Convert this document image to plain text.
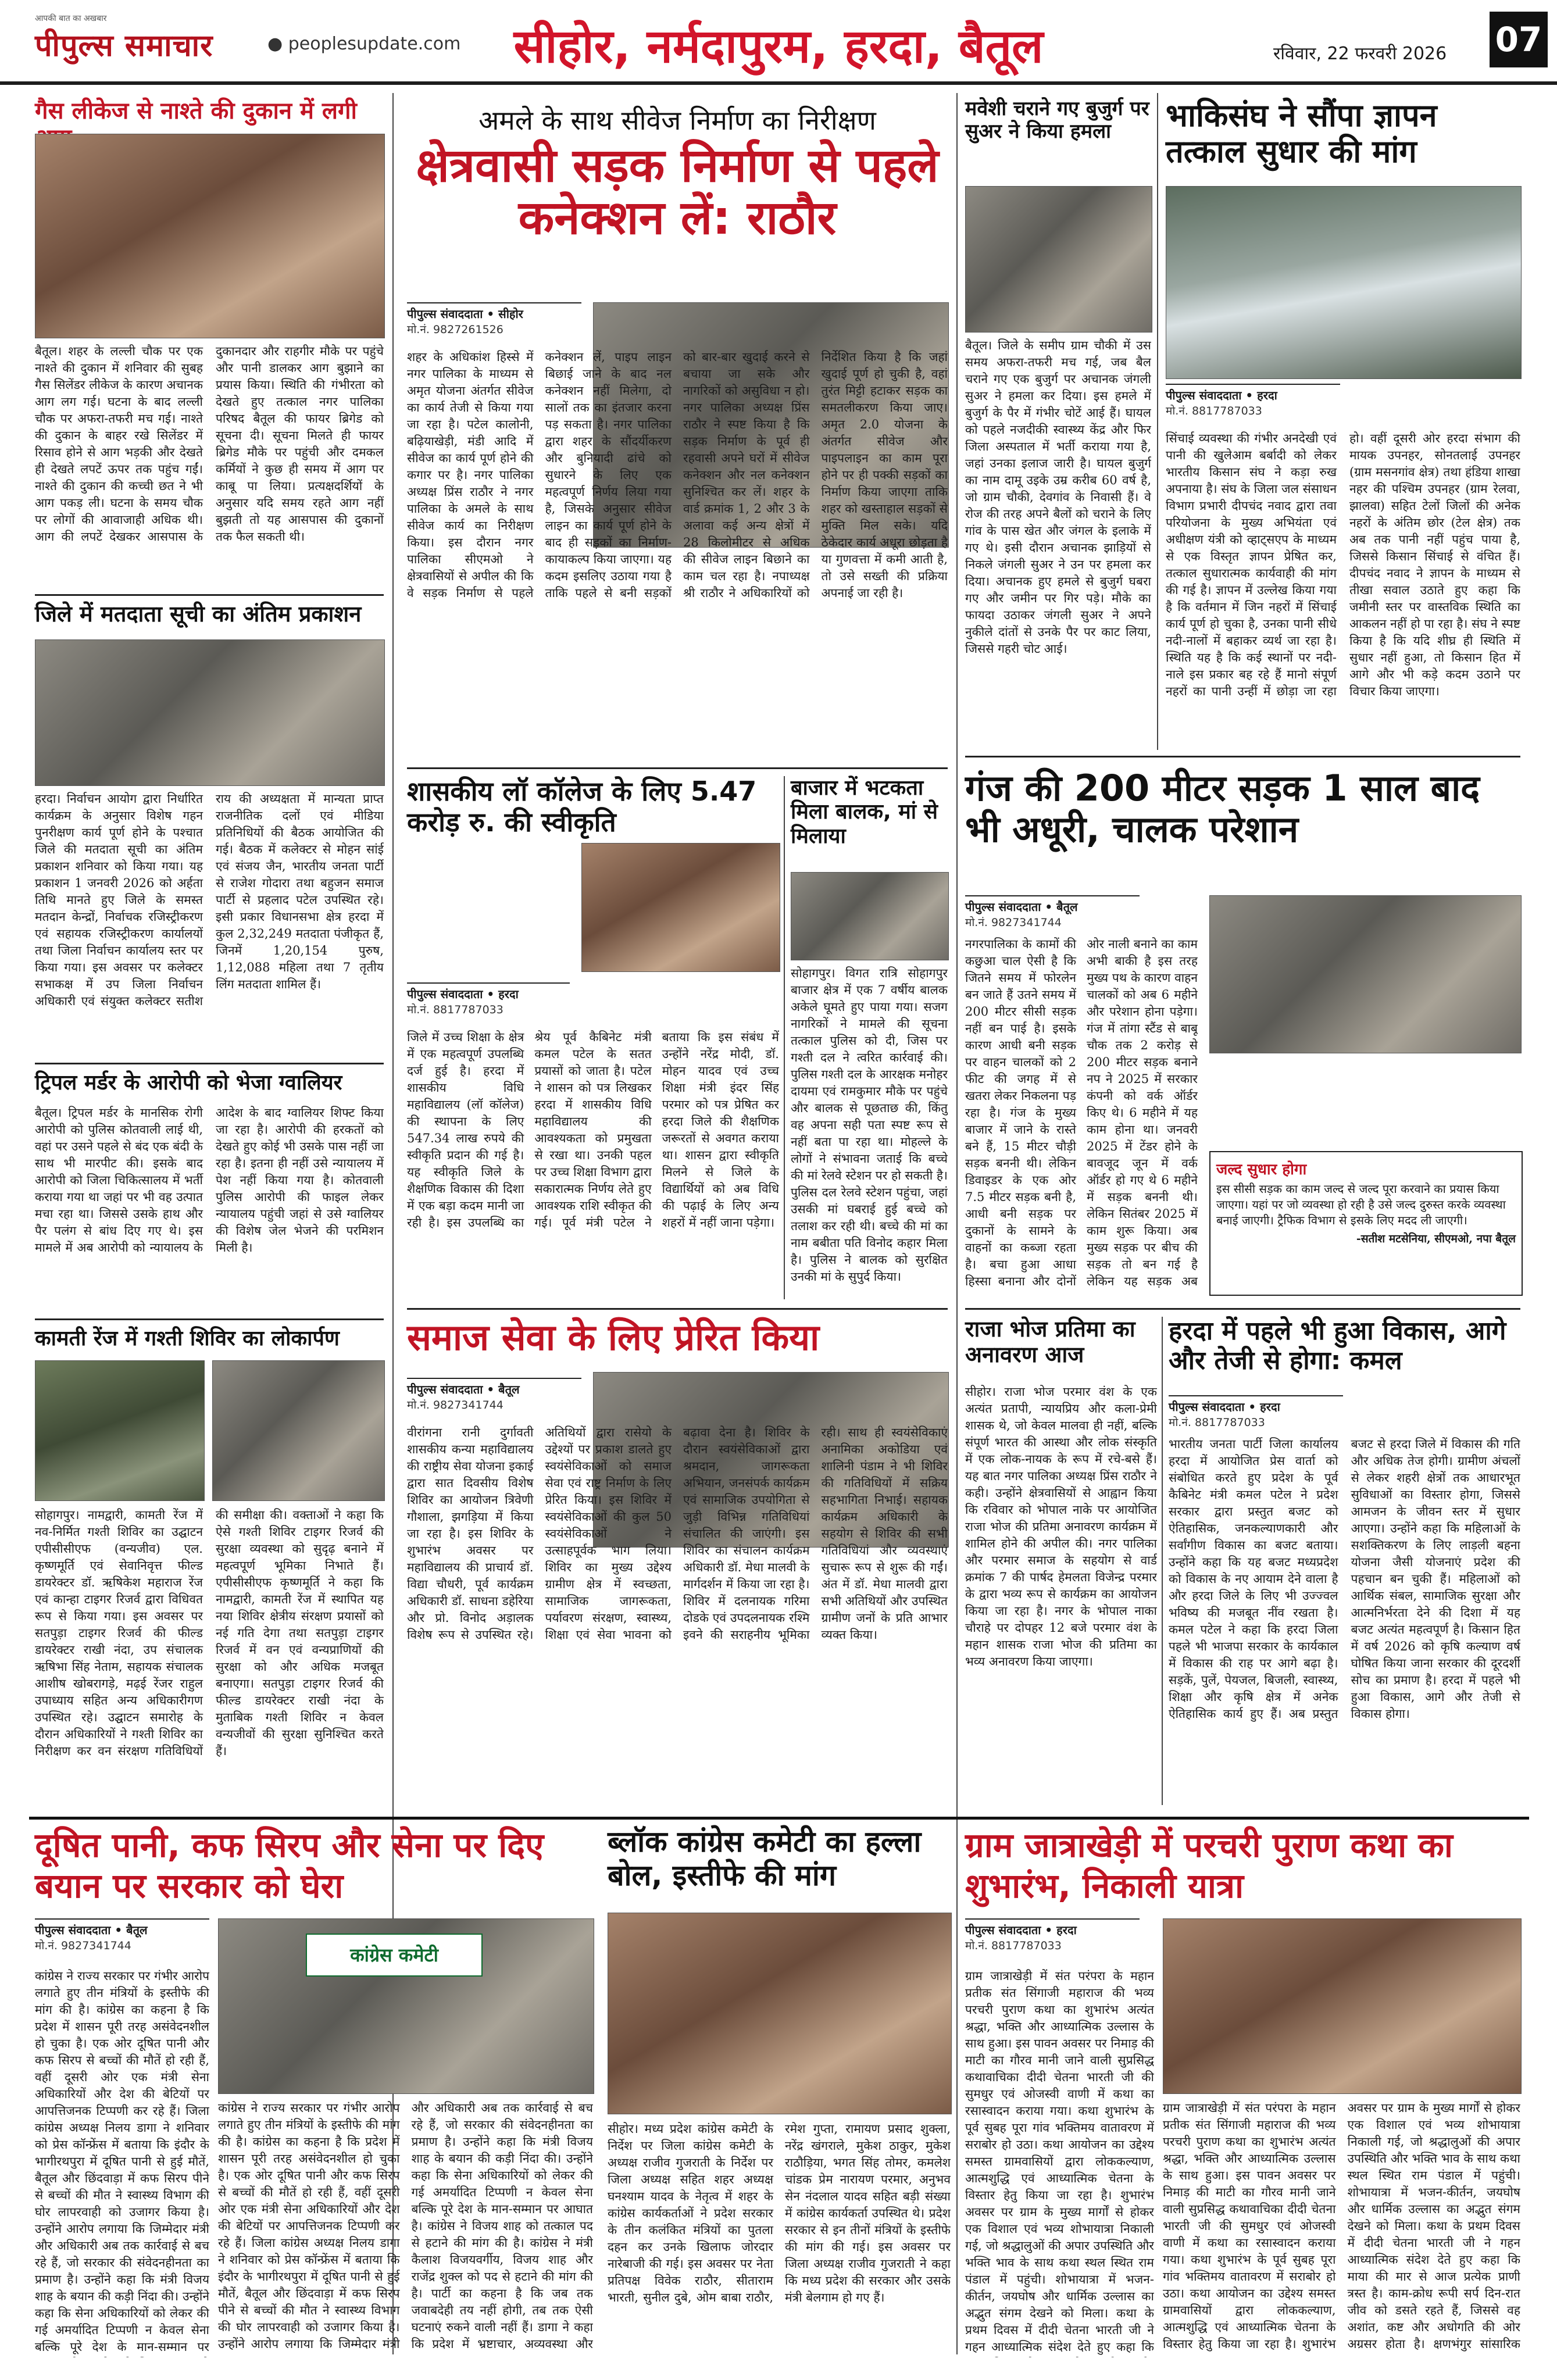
आपकी बात का अखबार
पीपुल्स समाचार	● peoplesupdate.com	सीहोर, नर्मदापुरम, हरदा, बैतूल	रविवार, 22 फरवरी 2026 07
गैस लीकेज से नाश्ते की दुकान में लगी
बैतूल। शहर के लल्ली चौक पर एक नाश्ते की दुकान में शनिवार की सुबह गैस सिलेंडर लीकेज के कारण अचानक आग लग गई। घटना के बाद लल्ली चौक पर अफरा-तफरी मच गई। नाश्ते की दुकान के बाहर रखे सिलेंडर में रिसाव होने से आग भड़की और देखते ही देखते लपटें ऊपर तक पहुंच गईं। नाश्ते की दुकान की कच्ची छत ने भी आग पकड़ ली। घटना के समय चौक पर लोगों की आवाजाही अधिक थी। आग की लपटें देखकर आसपास के दुकानदार और राहगीर मौके पर पहुंचे और पानी डालकर आग बुझाने का प्रयास किया। स्थिति की गंभीरता को देखते हुए तत्काल नगर पालिका परिषद बैतूल की फायर ब्रिगेड को सूचना दी। सूचना मिलते ही फायर ब्रिगेड मौके पर पहुंची और दमकल कर्मियों ने कुछ ही समय में आग पर काबू पा लिया। प्रत्यक्षदर्शियों के अनुसार यदि समय रहते आग नहीं बुझती तो यह आसपास की दुकानों तक फैल सकती थी।
जिले में मतदाता सूची का अंतिम प्रकाशन
हरदा। निर्वाचन आयोग द्वारा निर्धारित कार्यक्रम के अनुसार विशेष गहन पुनरीक्षण कार्य पूर्ण होने के पश्चात जिले की मतदाता सूची का अंतिम प्रकाशन शनिवार को किया गया। यह प्रकाशन 1 जनवरी 2026 को अर्हता तिथि मानते हुए जिले के समस्त मतदान केन्द्रों, निर्वाचक रजिस्ट्रीकरण एवं सहायक रजिस्ट्रीकरण कार्यालयों तथा जिला निर्वाचन कार्यालय स्तर पर किया गया। इस अवसर पर कलेक्टर सभाकक्ष में उप जिला निर्वाचन अधिकारी एवं संयुक्त कलेक्टर सतीश राय की अध्यक्षता में मान्यता प्राप्त राजनीतिक दलों एवं मीडिया प्रतिनिधियों की बैठक आयोजित की गई। बैठक में कलेक्टर से मोहन सांई एवं संजय जैन, भारतीय जनता पार्टी से राजेश गोदारा तथा बहुजन समाज पार्टी से प्रहलाद पटेल उपस्थित रहे। इसी प्रकार विधानसभा क्षेत्र हरदा में कुल 2,32,249 मतदाता पंजीकृत हैं, जिनमें 1,20,154 पुरुष, 1,12,088 महिला तथा 7 तृतीय लिंग मतदाता शामिल हैं।
ट्रिपल मर्डर के आरोपी को भेजा ग्वालियर
बैतूल। ट्रिपल मर्डर के मानसिक रोगी आरोपी को पुलिस कोतवाली लाई थी, वहां पर उसने पहले से बंद एक बंदी के साथ भी मारपीट की। इसके बाद आरोपी को जिला चिकित्सालय में भर्ती कराया गया था जहां पर भी वह उत्पात मचा रहा था। जिससे उसके हाथ और पैर पलंग से बांध दिए गए थे। इस मामले में अब आरोपी को न्यायालय के आदेश के बाद ग्वालियर शिफ्ट किया जा रहा है। आरोपी की हरकतों को देखते हुए कोई भी उसके पास नहीं जा रहा है। इतना ही नहीं उसे न्यायालय में पेश नहीं किया गया है। कोतवाली पुलिस आरोपी की फाइल लेकर न्यायालय पहुंची जहां से उसे ग्वालियर की विशेष जेल भेजने की परमिशन मिली है।
कामती रेंज में गश्ती शिविर का लोकार्पण
सोहागपुर। नामद्वारी, कामती रेंज में नव-निर्मित गश्ती शिविर का उद्घाटन एपीसीसीएफ (वन्यजीव) एल. कृष्णमूर्ति एवं सेवानिवृत्त फील्ड डायरेक्टर डॉ. ऋषिकेश महाराज रेंज एवं कान्हा टाइगर रिजर्व द्वारा विधिवत रूप से किया गया। इस अवसर पर सतपुड़ा टाइगर रिजर्व की फील्ड डायरेक्टर राखी नंदा, उप संचालक ऋषिभा सिंह नेताम, सहायक संचालक आशीष खोबरागड़े, मढ़ई रेंजर राहुल उपाध्याय सहित अन्य अधिकारीगण उपस्थित रहे। उद्घाटन समारोह के दौरान अधिकारियों ने गश्ती शिविर का निरीक्षण कर वन संरक्षण गतिविधियों की समीक्षा की। वक्ताओं ने कहा कि ऐसे गश्ती शिविर टाइगर रिजर्व की सुरक्षा व्यवस्था को सुदृढ़ बनाने में महत्वपूर्ण भूमिका निभाते हैं। एपीसीसीएफ कृष्णमूर्ति ने कहा कि नामद्वारी, कामती रेंज में स्थापित यह नया शिविर क्षेत्रीय संरक्षण प्रयासों को नई गति देगा तथा सतपुड़ा टाइगर रिजर्व में वन एवं वन्यप्राणियों की सुरक्षा को और अधिक मजबूत बनाएगा। सतपुड़ा टाइगर रिजर्व की फील्ड डायरेक्टर राखी नंदा के मुताबिक गश्ती शिविर न केवल वन्यजीवों की सुरक्षा सुनिश्चित करते हैं।
अमले के साथ सीवेज निर्माण का निरीक्षण
क्षेत्रवासी सड़क निर्माण से पहले कनेक्शन लें: राठौर
पीपुल्स संवाददाता • सीहोर
मो.नं. 9827261526
शहर के अधिकांश हिस्से में नगर पालिका के माध्यम से अमृत योजना अंतर्गत सीवेज का कार्य तेजी से किया गया जा रहा है। पटेल कालोनी, बढ़ियाखेड़ी, मंडी आदि में सीवेज का कार्य पूर्ण होने की कगार पर है। नगर पालिका अध्यक्ष प्रिंस राठौर ने नगर पालिका के अमले के साथ सीवेज कार्य का निरीक्षण किया। इस दौरान नगर पालिका सीएमओ ने क्षेत्रवासियों से अपील की कि वे सड़क निर्माण से पहले कनेक्शन लें, पाइप लाइन बिछाई जाने के बाद नल कनेक्शन नहीं मिलेगा, दो सालों तक का इंतजार करना पड़ सकता है। नगर पालिका द्वारा शहर के सौंदर्यीकरण और बुनियादी ढांचे को सुधारने के लिए एक महत्वपूर्ण निर्णय लिया गया है, जिसके अनुसार सीवेज लाइन का कार्य पूर्ण होने के बाद ही सड़कों का निर्माण-कायाकल्प किया जाएगा। यह कदम इसलिए उठाया गया है ताकि पहले से बनी सड़कों को बार-बार खुदाई करने से बचाया जा सके और नागरिकों को असुविधा न हो। नगर पालिका अध्यक्ष प्रिंस राठौर ने स्पष्ट किया है कि सड़क निर्माण के पूर्व ही रहवासी अपने घरों में सीवेज कनेक्शन और नल कनेक्शन सुनिश्चित कर लें। शहर के वार्ड क्रमांक 1, 2 और 3 के अलावा कई अन्य क्षेत्रों में 28 किलोमीटर से अधिक की सीवेज लाइन बिछाने का काम चल रहा है। नपाध्यक्ष श्री राठौर ने अधिकारियों को निर्देशित किया है कि जहां खुदाई पूर्ण हो चुकी है, वहां तुरंत मिट्टी हटाकर सड़क का समतलीकरण किया जाए। अमृत 2.0 योजना के अंतर्गत सीवेज और पाइपलाइन का काम पूरा होने पर ही पक्की सड़कों का निर्माण किया जाएगा ताकि शहर को खस्ताहाल सड़कों से मुक्ति मिल सके। यदि ठेकेदार कार्य अधूरा छोड़ता है या गुणवत्ता में कमी आती है, तो उसे सख्ती की प्रक्रिया अपनाई जा रही है।
शासकीय लॉ कॉलेज के लिए 5.47 करोड़ रु. की स्वीकृति
पीपुल्स संवाददाता • हरदा
मो.नं. 8817787033
जिले में उच्च शिक्षा के क्षेत्र में एक महत्वपूर्ण उपलब्धि दर्ज हुई है। हरदा में शासकीय विधि महाविद्यालय (लॉ कॉलेज) की स्थापना के लिए 547.34 लाख रुपये की स्वीकृति प्रदान की गई है। यह स्वीकृति जिले के शैक्षणिक विकास की दिशा में एक बड़ा कदम मानी जा रही है। इस उपलब्धि का श्रेय पूर्व कैबिनेट मंत्री कमल पटेल के सतत प्रयासों को जाता है। पटेल ने शासन को पत्र लिखकर हरदा में शासकीय विधि महाविद्यालय की आवश्यकता को प्रमुखता से रखा था। उनकी पहल पर उच्च शिक्षा विभाग द्वारा सकारात्मक निर्णय लेते हुए आवश्यक राशि स्वीकृत की गई। पूर्व मंत्री पटेल ने बताया कि इस संबंध में उन्होंने नरेंद्र मोदी, डॉ. मोहन यादव एवं उच्च शिक्षा मंत्री इंदर सिंह परमार को पत्र प्रेषित कर हरदा जिले की शैक्षणिक जरूरतों से अवगत कराया था। शासन द्वारा स्वीकृति मिलने से जिले के विद्यार्थियों को अब विधि की पढ़ाई के लिए अन्य शहरों में नहीं जाना पड़ेगा।
बाजार में भटकता मिला बालक, मां से मिलाया
सोहागपुर। विगत रात्रि सोहागपुर बाजार क्षेत्र में एक 7 वर्षीय बालक अकेले घूमते हुए पाया गया। सजग नागरिकों ने मामले की सूचना तत्काल पुलिस को दी, जिस पर गश्ती दल ने त्वरित कार्रवाई की। पुलिस गश्ती दल के आरक्षक मनोहर दायमा एवं रामकुमार मौके पर पहुंचे और बालक से पूछताछ की, किंतु वह अपना सही पता स्पष्ट रूप से नहीं बता पा रहा था। मोहल्ले के लोगों ने संभावना जताई कि बच्चे की मां रेलवे स्टेशन पर हो सकती है। पुलिस दल रेलवे स्टेशन पहुंचा, जहां उसकी मां घबराई हुई बच्चे को तलाश कर रही थी। बच्चे की मां का नाम बबीता पति विनोद कहार मिला है। पुलिस ने बालक को सुरक्षित उनकी मां के सुपुर्द किया।
समाज सेवा के लिए प्रेरित किया
पीपुल्स संवाददाता • बैतूल
मो.नं. 9827341744
वीरांगना रानी दुर्गावती शासकीय कन्या महाविद्यालय की राष्ट्रीय सेवा योजना इकाई द्वारा सात दिवसीय विशेष शिविर का आयोजन त्रिवेणी गौशाला, झगड़िया में किया जा रहा है। इस शिविर के शुभारंभ अवसर पर महाविद्यालय की प्राचार्य डॉ. विद्या चौधरी, पूर्व कार्यक्रम अधिकारी डॉ. साधना डहेरिया और प्रो. विनोद अड़ालक विशेष रूप से उपस्थित रहे। अतिथियों द्वारा रासेयो के उद्देश्यों पर प्रकाश डालते हुए स्वयंसेविकाओं को समाज सेवा एवं राष्ट्र निर्माण के लिए प्रेरित किया। इस शिविर में स्वयंसेविकाओं की कुल 50 स्वयंसेविकाओं ने उत्साहपूर्वक भाग लिया। शिविर का मुख्य उद्देश्य ग्रामीण क्षेत्र में स्वच्छता, सामाजिक जागरूकता, पर्यावरण संरक्षण, स्वास्थ्य, शिक्षा एवं सेवा भावना को बढ़ावा देना है। शिविर के दौरान स्वयंसेविकाओं द्वारा श्रमदान, जागरूकता अभियान, जनसंपर्क कार्यक्रम एवं सामाजिक उपयोगिता से जुड़ी विभिन्न गतिविधियां संचालित की जाएंगी। इस शिविर का संचालन कार्यक्रम अधिकारी डॉ. मेधा मालवी के मार्गदर्शन में किया जा रहा है। शिविर में दलनायक गरिमा दोडके एवं उपदलनायक रश्मि इवने की सराहनीय भूमिका रही। साथ ही स्वयंसेविकाएं अनामिका अकोडिया एवं शालिनी पंडाम ने भी शिविर की गतिविधियों में सक्रिय सहभागिता निभाई। सहायक कार्यक्रम अधिकारी के सहयोग से शिविर की सभी गतिविधियां और व्यवस्थाएं सुचारू रूप से शुरू की गईं। अंत में डॉ. मेधा मालवी द्वारा सभी अतिथियों और उपस्थित ग्रामीण जनों के प्रति आभार व्यक्त किया।
मवेशी चराने गए बुजुर्ग पर सुअर ने किया हमला
बैतूल। जिले के समीप ग्राम चौकी में उस समय अफरा-तफरी मच गई, जब बैल चराने गए एक बुजुर्ग पर अचानक जंगली सुअर ने हमला कर दिया। इस हमले में बुजुर्ग के पैर में गंभीर चोटें आई हैं। घायल को पहले नजदीकी स्वास्थ्य केंद्र और फिर जिला अस्पताल में भर्ती कराया गया है, जहां उनका इलाज जारी है। घायल बुजुर्ग का नाम दामू उइके उम्र करीब 60 वर्ष है, जो ग्राम चौकी, देवगांव के निवासी हैं। वे रोज की तरह अपने बैलों को चराने के लिए गांव के पास खेत और जंगल के इलाके में गए थे। इसी दौरान अचानक झाड़ियों से निकले जंगली सुअर ने उन पर हमला कर दिया। अचानक हुए हमले से बुजुर्ग घबरा गए और जमीन पर गिर पड़े। मौके का फायदा उठाकर जंगली सुअर ने अपने नुकीले दांतों से उनके पैर पर काट लिया, जिससे गहरी चोट आई।
भाकिसंघ ने सौंपा ज्ञापन तत्काल सुधार की मांग
पीपुल्स संवाददाता • हरदा
मो.नं. 8817787033
सिंचाई व्यवस्था की गंभीर अनदेखी एवं पानी की खुलेआम बर्बादी को लेकर भारतीय किसान संघ ने कड़ा रुख अपनाया है। संघ के जिला जल संसाधन विभाग प्रभारी दीपचंद नवाद द्वारा तवा परियोजना के मुख्य अभियंता एवं अधीक्षण यंत्री को व्हाट्सएप के माध्यम से एक विस्तृत ज्ञापन प्रेषित कर, तत्काल सुधारात्मक कार्यवाही की मांग की गई है। ज्ञापन में उल्लेख किया गया है कि वर्तमान में जिन नहरों में सिंचाई कार्य पूर्ण हो चुका है, उनका पानी सीधे नदी-नालों में बहाकर व्यर्थ जा रहा है। स्थिति यह है कि कई स्थानों पर नदी-नाले इस प्रकार बह रहे हैं मानो संपूर्ण नहरों का पानी उन्हीं में छोड़ा जा रहा हो। वहीं दूसरी ओर हरदा संभाग की मायक उपनहर, सोनतलाई उपनहर (ग्राम मसनगांव क्षेत्र) तथा हंडिया शाखा नहर की पश्चिम उपनहर (ग्राम रेलवा, झालवा) सहित टेलों जिलों की अनेक नहरों के अंतिम छोर (टेल क्षेत्र) तक अब तक पानी नहीं पहुंच पाया है, जिससे किसान सिंचाई से वंचित हैं। दीपचंद नवाद ने ज्ञापन के माध्यम से तीखा सवाल उठाते हुए कहा कि जमीनी स्तर पर वास्तविक स्थिति का आकलन नहीं हो पा रहा है। संघ ने स्पष्ट किया है कि यदि शीघ्र ही स्थिति में सुधार नहीं हुआ, तो किसान हित में आगे और भी कड़े कदम उठाने पर विचार किया जाएगा।
गंज की 200 मीटर सड़क 1 साल बाद भी अधूरी, चालक परेशान
पीपुल्स संवाददाता • बैतूल
मो.नं. 9827341744
नगरपालिका के कामों की कछुआ चाल ऐसी है कि जितने समय में फोरलेन बन जाते हैं उतने समय में 200 मीटर सीसी सड़क नहीं बन पाई है। इसके कारण आधी बनी सड़क पर वाहन चालकों को 2 फीट की जगह में से खतरा लेकर निकलना पड़ रहा है। गंज के मुख्य बाजार में जाने के रास्ते बने हैं, 15 मीटर चौड़ी सड़क बननी थी। लेकिन डिवाइडर के एक ओर 7.5 मीटर सड़क बनी है, आधी बनी सड़क पर दुकानों के सामने के वाहनों का कब्जा रहता है। बचा हुआ आधा हिस्सा बनाना और दोनों ओर नाली बनाने का काम अभी बाकी है इस तरह मुख्य पथ के कारण वाहन चालकों को अब 6 महीने और परेशान होना पड़ेगा। गंज में तांगा स्टैंड से बाबू चौक तक 2 करोड़ से 200 मीटर सड़क बनाने नप ने 2025 में सरकार कंपनी को वर्क ऑर्डर किए थे। 6 महीने में यह काम होना था। जनवरी 2025 में टेंडर होने के बावजूद जून में वर्क ऑर्डर हो गए थे 6 महीने में सड़क बननी थी। लेकिन सितंबर 2025 में काम शुरू किया। अब मुख्य सड़क पर बीच की सड़क तो बन गई है लेकिन यह सड़क अब
जल्द सुधार होगा
इस सीसी सड़क का काम जल्द से जल्द पूरा करवाने का प्रयास किया जाएगा। यहां पर जो व्यवस्था हो रही है उसे जल्द दुरुस्त करके व्यवस्था बनाई जाएगी। ट्रैफिक विभाग से इसके लिए मदद ली जाएगी।
-सतीश मटसेनिया, सीएमओ, नपा बैतूल
राजा भोज प्रतिमा का अनावरण आज
सीहोर। राजा भोज परमार वंश के एक अत्यंत प्रतापी, न्यायप्रिय और कला-प्रेमी शासक थे, जो केवल मालवा ही नहीं, बल्कि संपूर्ण भारत की आस्था और लोक संस्कृति में एक लोक-नायक के रूप में रचे-बसे हैं। यह बात नगर पालिका अध्यक्ष प्रिंस राठौर ने कही। उन्होंने क्षेत्रवासियों से आह्वान किया कि रविवार को भोपाल नाके पर आयोजित राजा भोज की प्रतिमा अनावरण कार्यक्रम में शामिल होने की अपील की। नगर पालिका और परमार समाज के सहयोग से वार्ड क्रमांक 7 की पार्षद हेमलता विजेन्द्र परमार के द्वारा भव्य रूप से कार्यक्रम का आयोजन किया जा रहा है। नगर के भोपाल नाका चौराहे पर दोपहर 12 बजे परमार वंश के महान शासक राजा भोज की प्रतिमा का भव्य अनावरण किया जाएगा।
हरदा में पहले भी हुआ विकास, आगे और तेजी से होगा: कमल
पीपुल्स संवाददाता • हरदा
मो.नं. 8817787033
भारतीय जनता पार्टी जिला कार्यालय हरदा में आयोजित प्रेस वार्ता को संबोधित करते हुए प्रदेश के पूर्व कैबिनेट मंत्री कमल पटेल ने प्रदेश सरकार द्वारा प्रस्तुत बजट को ऐतिहासिक, जनकल्याणकारी और सर्वांगीण विकास का बजट बताया। उन्होंने कहा कि यह बजट मध्यप्रदेश को विकास के नए आयाम देने वाला है और हरदा जिले के लिए भी उज्ज्वल भविष्य की मजबूत नींव रखता है। कमल पटेल ने कहा कि हरदा जिला पहले भी भाजपा सरकार के कार्यकाल में विकास की राह पर आगे बढ़ा है। सड़कें, पुलें, पेयजल, बिजली, स्वास्थ्य, शिक्षा और कृषि क्षेत्र में अनेक ऐतिहासिक कार्य हुए हैं। अब प्रस्तुत बजट से हरदा जिले में विकास की गति और अधिक तेज होगी। ग्रामीण अंचलों से लेकर शहरी क्षेत्रों तक आधारभूत सुविधाओं का विस्तार होगा, जिससे आमजन के जीवन स्तर में सुधार आएगा। उन्होंने कहा कि महिलाओं के सशक्तिकरण के लिए लाड़ली बहना योजना जैसी योजनाएं प्रदेश की पहचान बन चुकी हैं। महिलाओं को आर्थिक संबल, सामाजिक सुरक्षा और आत्मनिर्भरता देने की दिशा में यह बजट अत्यंत महत्वपूर्ण है। किसान हित में वर्ष 2026 को कृषि कल्याण वर्ष घोषित किया जाना सरकार की दूरदर्शी सोच का प्रमाण है। हरदा में पहले भी हुआ विकास, आगे और तेजी से विकास होगा।
दूषित पानी, कफ सिरप और सेना पर दिए बयान पर सरकार को घेरा
पीपुल्स संवाददाता • बैतूल
मो.नं. 9827341744	कांग्रेस कमेटी
कांग्रेस ने राज्य सरकार पर गंभीर आरोप लगाते हुए तीन मंत्रियों के इस्तीफे की मांग की है। कांग्रेस का कहना है कि प्रदेश में शासन पूरी तरह असंवेदनशील हो चुका है। एक ओर दूषित पानी और कफ सिरप से बच्चों की मौतें हो रही हैं, वहीं दूसरी ओर एक मंत्री सेना अधिकारियों और देश की बेटियों पर आपत्तिजनक टिप्पणी कर रहे हैं। जिला कांग्रेस अध्यक्ष निलय डागा ने शनिवार को प्रेस कॉन्फ्रेंस में बताया कि इंदौर के भागीरथपुरा में दूषित पानी से हुई मौतें, बैतूल और छिंदवाड़ा में कफ सिरप पीने से बच्चों की मौत ने स्वास्थ्य विभाग की घोर लापरवाही को उजागर किया है। उन्होंने आरोप लगाया कि जिम्मेदार मंत्री और अधिकारी अब तक कार्रवाई से बच रहे हैं, जो सरकार की संवेदनहीनता का प्रमाण है। उन्होंने कहा कि मंत्री विजय शाह के बयान की कड़ी निंदा की। उन्होंने कहा कि सेना अधिकारियों को लेकर की गई अमर्यादित टिप्पणी न केवल सेना बल्कि पूरे देश के मान-सम्मान पर
कांग्रेस ने राज्य सरकार पर गंभीर आरोप लगाते हुए तीन मंत्रियों के इस्तीफे की मांग की है। कांग्रेस का कहना है कि प्रदेश में शासन पूरी तरह असंवेदनशील हो चुका है। एक ओर दूषित पानी और कफ सिरप से बच्चों की मौतें हो रही हैं, वहीं दूसरी ओर एक मंत्री सेना अधिकारियों और देश की बेटियों पर आपत्तिजनक टिप्पणी कर रहे हैं। जिला कांग्रेस अध्यक्ष निलय डागा ने शनिवार को प्रेस कॉन्फ्रेंस में बताया कि इंदौर के भागीरथपुरा में दूषित पानी से हुई मौतें, बैतूल और छिंदवाड़ा में कफ सिरप पीने से बच्चों की मौत ने स्वास्थ्य विभाग की घोर लापरवाही को उजागर किया है। उन्होंने आरोप लगाया कि जिम्मेदार मंत्री और अधिकारी अब तक कार्रवाई से बच रहे हैं, जो सरकार की संवेदनहीनता का प्रमाण है। उन्होंने कहा कि मंत्री विजय शाह के बयान की कड़ी निंदा की। उन्होंने कहा कि सेना अधिकारियों को लेकर की गई अमर्यादित टिप्पणी न केवल सेना बल्कि पूरे देश के मान-सम्मान पर आघात है। कांग्रेस ने विजय शाह को तत्काल पद से हटाने की मांग की है। कांग्रेस ने मंत्री कैलाश विजयवर्गीय, विजय शाह और राजेंद्र शुक्ल को पद से हटाने की मांग की है। पार्टी का कहना है कि जब तक जवाबदेही तय नहीं होगी, तब तक ऐसी घटनाएं रुकने वाली नहीं हैं। डागा ने कहा कि प्रदेश में भ्रष्टाचार, अव्यवस्था और
ब्लॉक कांग्रेस कमेटी का हल्ला बोल, इस्तीफे की मांग
सीहोर। मध्य प्रदेश कांग्रेस कमेटी के निर्देश पर जिला कांग्रेस कमेटी के अध्यक्ष राजीव गुजराती के निर्देश पर जिला अध्यक्ष सहित शहर अध्यक्ष घनश्याम यादव के नेतृत्व में शहर के कांग्रेस कार्यकर्ताओं ने प्रदेश सरकार के तीन कलंकित मंत्रियों का पुतला दहन कर उनके खिलाफ जोरदार नारेबाजी की गई। इस अवसर पर नेता प्रतिपक्ष विवेक राठौर, सीताराम भारती, सुनील दुबे, ओम बाबा राठौर, रमेश गुप्ता, रामायण प्रसाद शुक्ला, नरेंद्र खंगराले, मुकेश ठाकुर, मुकेश राठौड़िया, भगत सिंह तोमर, कमलेश चांडक प्रेम नारायण परमार, अनुभव सेन नंदलाल यादव सहित बड़ी संख्या में कांग्रेस कार्यकर्ता उपस्थित थे। प्रदेश सरकार से इन तीनों मंत्रियों के इस्तीफे की मांग की गई। इस अवसर पर जिला अध्यक्ष राजीव गुजराती ने कहा कि मध्य प्रदेश की सरकार और उसके मंत्री बेलगाम हो गए हैं।
ग्राम जात्राखेड़ी में परचरी पुराण कथा का शुभारंभ, निकाली यात्रा
पीपुल्स संवाददाता • हरदा
मो.नं. 8817787033
ग्राम जात्राखेड़ी में संत परंपरा के महान प्रतीक संत सिंगाजी महाराज की भव्य परचरी पुराण कथा का शुभारंभ अत्यंत श्रद्धा, भक्ति और आध्यात्मिक उल्लास के साथ हुआ। इस पावन अवसर पर निमाड़ की माटी का गौरव मानी जाने वाली सुप्रसिद्ध कथावाचिका दीदी चेतना भारती जी की सुमधुर एवं ओजस्वी वाणी में कथा का रसास्वादन कराया गया। कथा शुभारंभ के पूर्व सुबह पूरा गांव भक्तिमय वातावरण में सराबोर हो उठा। कथा आयोजन का उद्देश्य समस्त ग्रामवासियों द्वारा लोककल्याण, आत्मशुद्धि एवं आध्यात्मिक चेतना के विस्तार हेतु किया जा रहा है। शुभारंभ अवसर पर ग्राम के मुख्य मार्गों से होकर एक विशाल एवं भव्य शोभायात्रा निकाली गई, जो श्रद्धालुओं की अपार उपस्थिति और भक्ति भाव के साथ कथा स्थल स्थित राम पंडाल में पहुंची। शोभायात्रा में भजन-कीर्तन, जयघोष और धार्मिक उल्लास का अद्भुत संगम देखने को मिला। कथा के प्रथम दिवस में दीदी चेतना भारती जी ने गहन आध्यात्मिक संदेश देते हुए कहा कि
ग्राम जात्राखेड़ी में संत परंपरा के महान प्रतीक संत सिंगाजी महाराज की भव्य परचरी पुराण कथा का शुभारंभ अत्यंत श्रद्धा, भक्ति और आध्यात्मिक उल्लास के साथ हुआ। इस पावन अवसर पर निमाड़ की माटी का गौरव मानी जाने वाली सुप्रसिद्ध कथावाचिका दीदी चेतना भारती जी की सुमधुर एवं ओजस्वी वाणी में कथा का रसास्वादन कराया गया। कथा शुभारंभ के पूर्व सुबह पूरा गांव भक्तिमय वातावरण में सराबोर हो उठा। कथा आयोजन का उद्देश्य समस्त ग्रामवासियों द्वारा लोककल्याण, आत्मशुद्धि एवं आध्यात्मिक चेतना के विस्तार हेतु किया जा रहा है। शुभारंभ अवसर पर ग्राम के मुख्य मार्गों से होकर एक विशाल एवं भव्य शोभायात्रा निकाली गई, जो श्रद्धालुओं की अपार उपस्थिति और भक्ति भाव के साथ कथा स्थल स्थित राम पंडाल में पहुंची। शोभायात्रा में भजन-कीर्तन, जयघोष और धार्मिक उल्लास का अद्भुत संगम देखने को मिला। कथा के प्रथम दिवस में दीदी चेतना भारती जी ने गहन आध्यात्मिक संदेश देते हुए कहा कि माया की मार से आज प्रत्येक प्राणी त्रस्त है। काम-क्रोध रूपी सर्प दिन-रात जीव को डसते रहते हैं, जिससे वह अशांत, कष्ट और अधोगति की ओर अग्रसर होता है। क्षणभंगुर सांसारिक
